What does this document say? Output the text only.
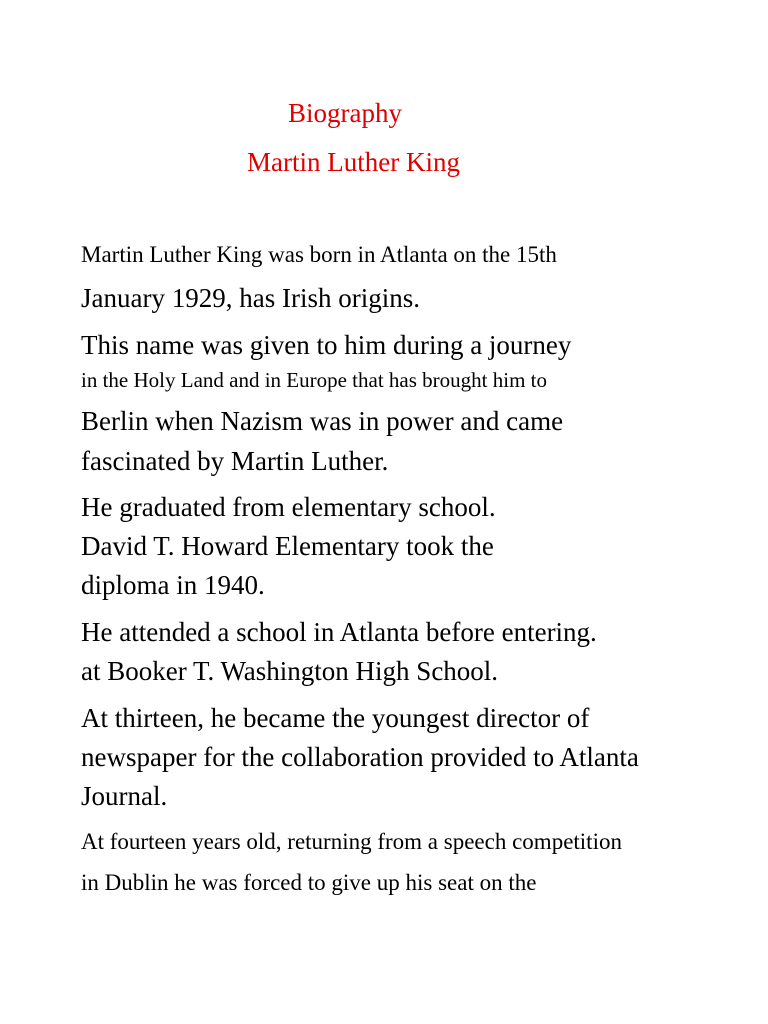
Biography
Martin Luther King

Martin Luther King was born in Atlanta on the 15th

January 1929, has Irish origins.

This name was given to him during a journey

in the Holy Land and in Europe that has brought him to

Berlin when Nazism was in power and came

fascinated by Martin Luther.

He graduated from elementary school.

David T. Howard Elementary took the

diploma in 1940.

He attended a school in Atlanta before entering.

at Booker T. Washington High School.

At thirteen, he became the youngest director of

newspaper for the collaboration provided to Atlanta

Journal.

At fourteen years old, returning from a speech competition

in Dublin he was forced to give up his seat on the
